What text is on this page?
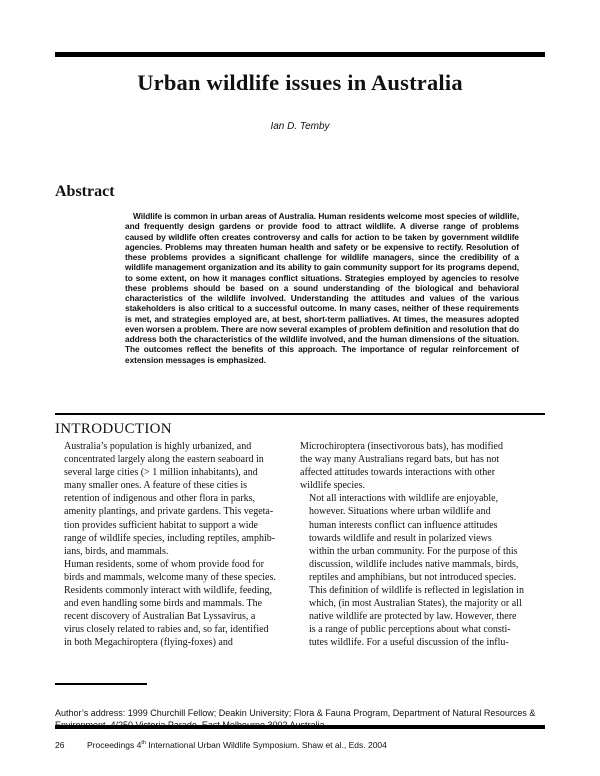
Urban wildlife issues in Australia
Ian D. Temby
Abstract

Wildlife is common in urban areas of Australia. Human residents welcome most species of wildlife, and frequently design gardens or provide food to attract wildlife. A diverse range of problems caused by wildlife often creates controversy and calls for action to be taken by government wildlife agencies. Problems may threaten human health and safety or be expensive to rectify. Resolution of these problems provides a significant challenge for wildlife managers, since the credibility of a wildlife management organization and its ability to gain community support for its programs depend, to some extent, on how it manages conflict situations. Strategies employed by agencies to resolve these problems should be based on a sound understanding of the biological and behavioral characteristics of the wildlife involved. Understanding the attitudes and values of the various stakeholders is also critical to a successful outcome. In many cases, neither of these requirements is met, and strategies employed are, at best, short-term palliatives. At times, the measures adopted even worsen a problem. There are now several examples of problem definition and resolution that do address both the characteristics of the wildlife involved, and the human dimensions of the situation. The outcomes reflect the benefits of this approach. The importance of regular reinforcement of extension messages is emphasized.

INTRODUCTION

Australia’s population is highly urbanized, and
concentrated largely along the eastern seaboard in
several large cities (> 1 million inhabitants), and
many smaller ones. A feature of these cities is
retention of indigenous and other flora in parks,
amenity plantings, and private gardens. This vegeta-
tion provides sufficient habitat to support a wide
range of wildlife species, including reptiles, amphib-
ians, birds, and mammals.

Human residents, some of whom provide food for
birds and mammals, welcome many of these species.
Residents commonly interact with wildlife, feeding,
and even handling some birds and mammals. The
recent discovery of Australian Bat Lyssavirus, a
virus closely related to rabies and, so far, identified
in both Megachiroptera (flying-foxes) and

Microchiroptera (insectivorous bats), has modified
the way many Australians regard bats, but has not
affected attitudes towards interactions with other
wildlife species.

Not all interactions with wildlife are enjoyable,
however. Situations where urban wildlife and
human interests conflict can influence attitudes
towards wildlife and result in polarized views
within the urban community. For the purpose of this
discussion, wildlife includes native mammals, birds,
reptiles and amphibians, but not introduced species.
This definition of wildlife is reflected in legislation in
which, (in most Australian States), the majority or all
native wildlife are protected by law. However, there
is a range of public perceptions about what consti-
tutes wildlife. For a useful discussion of the influ-

Author’s address: 1999 Churchill Fellow; Deakin University; Flora & Fauna Program, Department of Natural Resources &
26	Proceedings 4th International Urban Wildlife Symposium. Shaw et al., Eds. 2004
